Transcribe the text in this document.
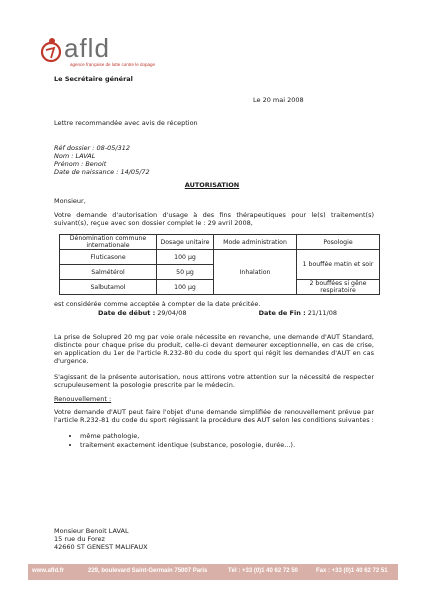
afld
agence française de lutte contre le dopage
Le Secrétaire général
Le 20 mai 2008
Lettre recommandée avec avis de réception
Réf dossier : 08-05/312
Nom : LAVAL
Prénom : Benoit
Date de naissance : 14/05/72
AUTORISATION
Monsieur,
Votre demande d'autorisation d'usage à des fins thérapeutiques pour le(s) traitement(s) suivant(s), reçue avec son dossier complet le : 29 avril 2008,
Dénomination commune internationale	Dosage unitaire	Mode administration	Posologie
Fluticasone	100 µg	Inhalation	1 bouffée matin et soir
Salmétérol	50 µg		
Salbutamol	100 µg		2 bouffées si gêne respiratoire
est considérée comme acceptée à compter de la date précitée.
Date de début : 29/04/08	Date de Fin : 21/11/08
La prise de Solupred 20 mg par voie orale nécessite en revanche, une demande d'AUT Standard, distincte pour chaque prise du produit, celle-ci devant demeurer exceptionnelle, en cas de crise, en application du 1er de l'article R.232-80 du code du sport qui régit les demandes d'AUT en cas d'urgence.
S'agissant de la présente autorisation, nous attirons votre attention sur la nécessité de respecter scrupuleusement la posologie prescrite par le médecin.
Renouvellement :
Votre demande d'AUT peut faire l'objet d'une demande simplifiée de renouvellement prévue par l'article R.232-81 du code du sport régissant la procédure des AUT selon les conditions suivantes :
• même pathologie,
• traitement exactement identique (substance, posologie, durée...).
Monsieur Benoit LAVAL
15 rue du Forez
42660 ST GENEST MALIFAUX
www.afld.fr	229, boulevard Saint-Germain 75007 Paris	Tél : +33 (0)1 40 62 72 50	Fax : +33 (0)1 40 62 72 51
